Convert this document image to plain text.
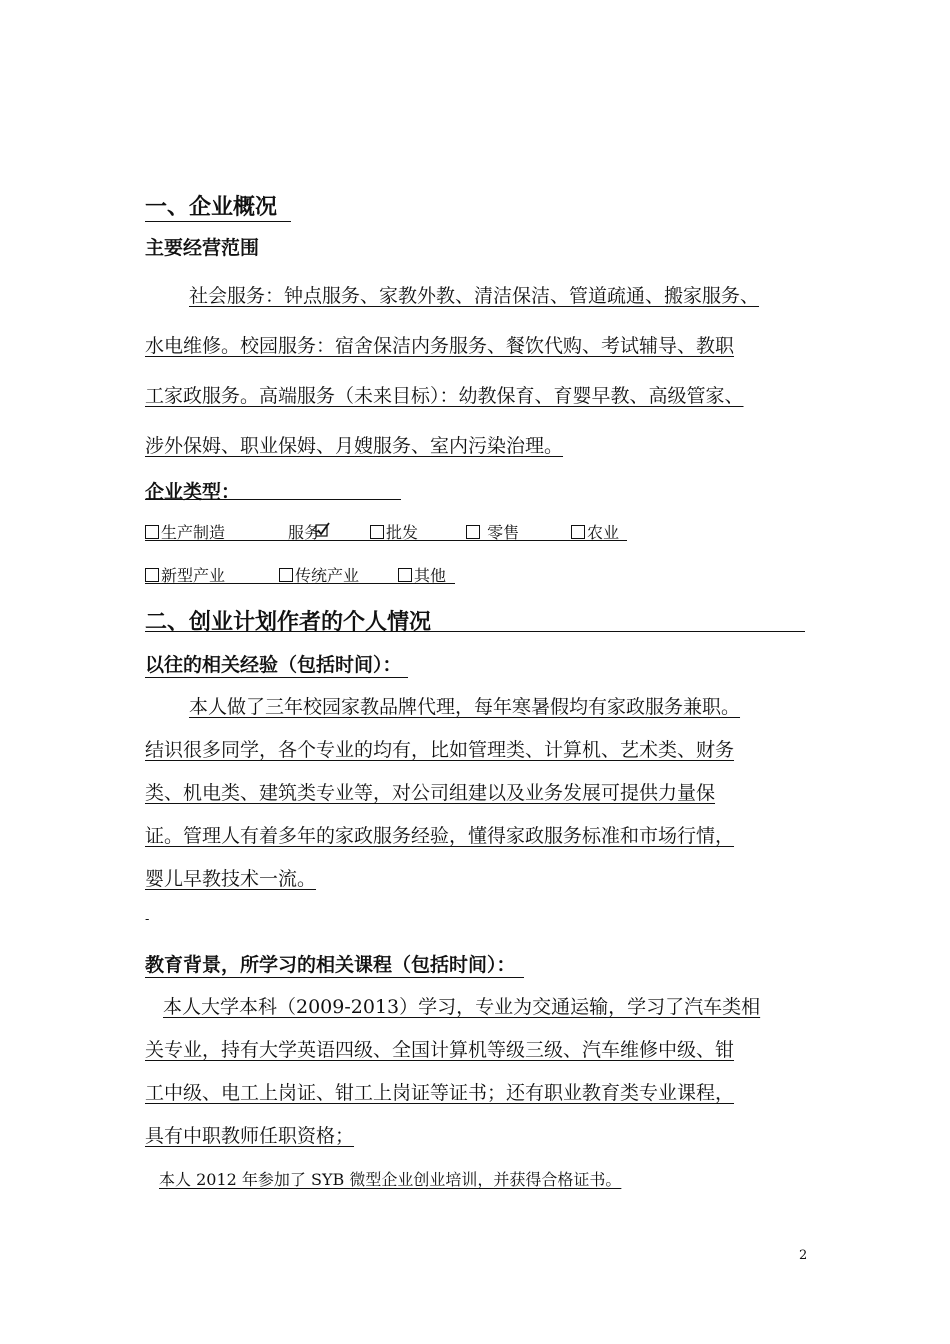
一、企业概况
主要经营范围
社会服务：钟点服务、家教外教、清洁保洁、管道疏通、搬家服务、
水电维修。校园服务：宿舍保洁内务服务、餐饮代购、考试辅导、教职
工家政服务。高端服务（未来目标）：幼教保育、育婴早教、高级管家、
涉外保姆、职业保姆、月嫂服务、室内污染治理。
企业类型：
生产制造	服务	批发	零售	农业
新型产业	传统产业	其他
二、创业计划作者的个人情况
以往的相关经验（包括时间）：
本人做了三年校园家教品牌代理，每年寒暑假均有家政服务兼职。
结识很多同学，各个专业的均有，比如管理类、计算机、艺术类、财务
类、机电类、建筑类专业等，对公司组建以及业务发展可提供力量保
证。管理人有着多年的家政服务经验，懂得家政服务标准和市场行情，
婴儿早教技术一流。
-
教育背景，所学习的相关课程（包括时间）：
本人大学本科（2009-2013）学习，专业为交通运输，学习了汽车类相
关专业，持有大学英语四级、全国计算机等级三级、汽车维修中级、钳
工中级、电工上岗证、钳工上岗证等证书；还有职业教育类专业课程，
具有中职教师任职资格；
本人 2012 年参加了 SYB 微型企业创业培训，并获得合格证书。
2
